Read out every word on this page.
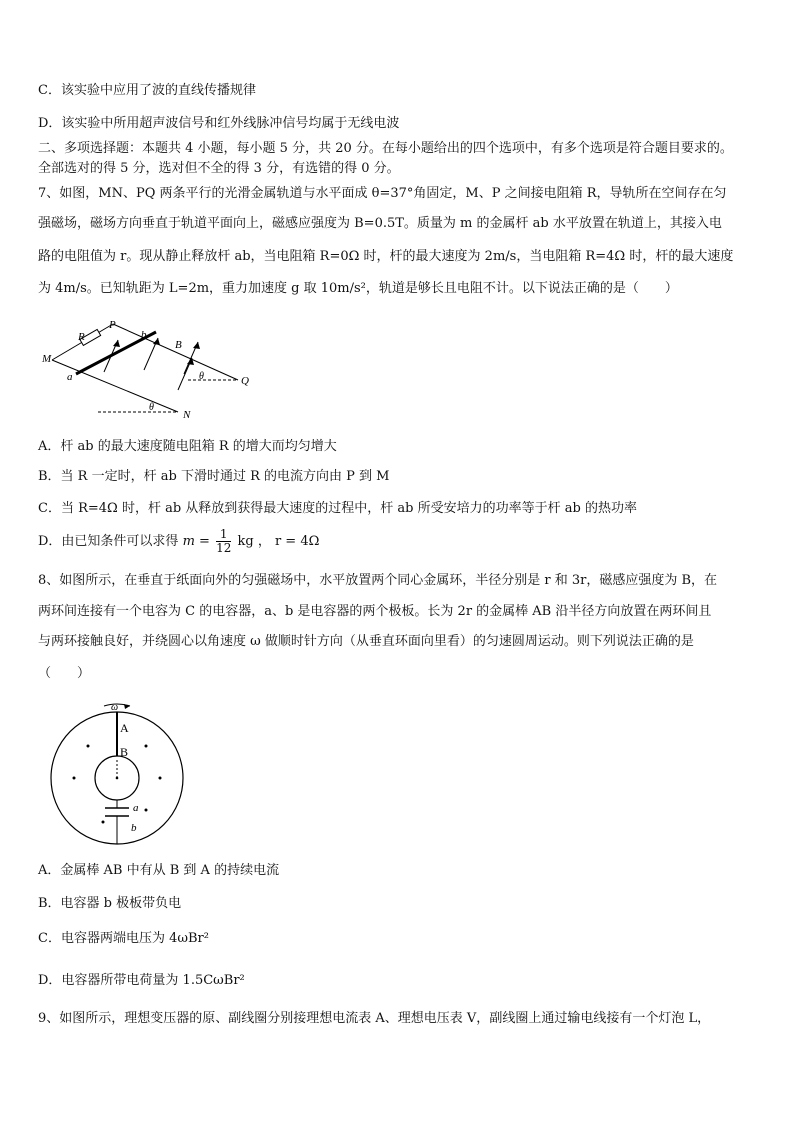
C．该实验中应用了波的直线传播规律
D．该实验中所用超声波信号和红外线脉冲信号均属于无线电波
二、多项选择题：本题共 4 小题，每小题 5 分，共 20 分。在每小题给出的四个选项中，有多个选项是符合题目要求的。
全部选对的得 5 分，选对但不全的得 3 分，有选错的得 0 分。
7、如图，MN、PQ 两条平行的光滑金属轨道与水平面成 θ=37°角固定，M、P 之间接电阻箱 R，导轨所在空间存在匀
强磁场，磁场方向垂直于轨道平面向上，磁感应强度为 B=0.5T。质量为 m 的金属杆 ab 水平放置在轨道上，其接入电
路的电阻值为 r。现从静止释放杆 ab，当电阻箱 R=0Ω 时，杆的最大速度为 2m/s，当电阻箱 R=4Ω 时，杆的最大速度
为 4m/s。已知轨距为 L=2m，重力加速度 g 取 10m/s²，轨道是够长且电阻不计。以下说法正确的是（　　）
R
P
b
B
M
a	θ	Q
θ
N
A．杆 ab 的最大速度随电阻箱 R 的增大而均匀增大
B．当 R 一定时，杆 ab 下滑时通过 R 的电流方向由 P 到 M
C．当 R=4Ω 时，杆 ab 从释放到获得最大速度的过程中，杆 ab 所受安培力的功率等于杆 ab 的热功率
D．由已知条件可以求得 $m = \frac{1}{12}$ kg ， r = 4Ω
8、如图所示，在垂直于纸面向外的匀强磁场中，水平放置两个同心金属环，半径分别是 r 和 3r，磁感应强度为 B，在
两环间连接有一个电容为 C 的电容器，a、b 是电容器的两个极板。长为 2r 的金属棒 AB 沿半径方向放置在两环间且
与两环接触良好，并绕圆心以角速度 ω 做顺时针方向（从垂直环面向里看）的匀速圆周运动。则下列说法正确的是
（　　）
ω
A
B
a
b
A．金属棒 AB 中有从 B 到 A 的持续电流
B．电容器 b 极板带负电
C．电容器两端电压为 4ωBr²
D．电容器所带电荷量为 1.5CωBr²
9、如图所示，理想变压器的原、副线圈分别接理想电流表 A、理想电压表 V，副线圈上通过输电线接有一个灯泡 L，
